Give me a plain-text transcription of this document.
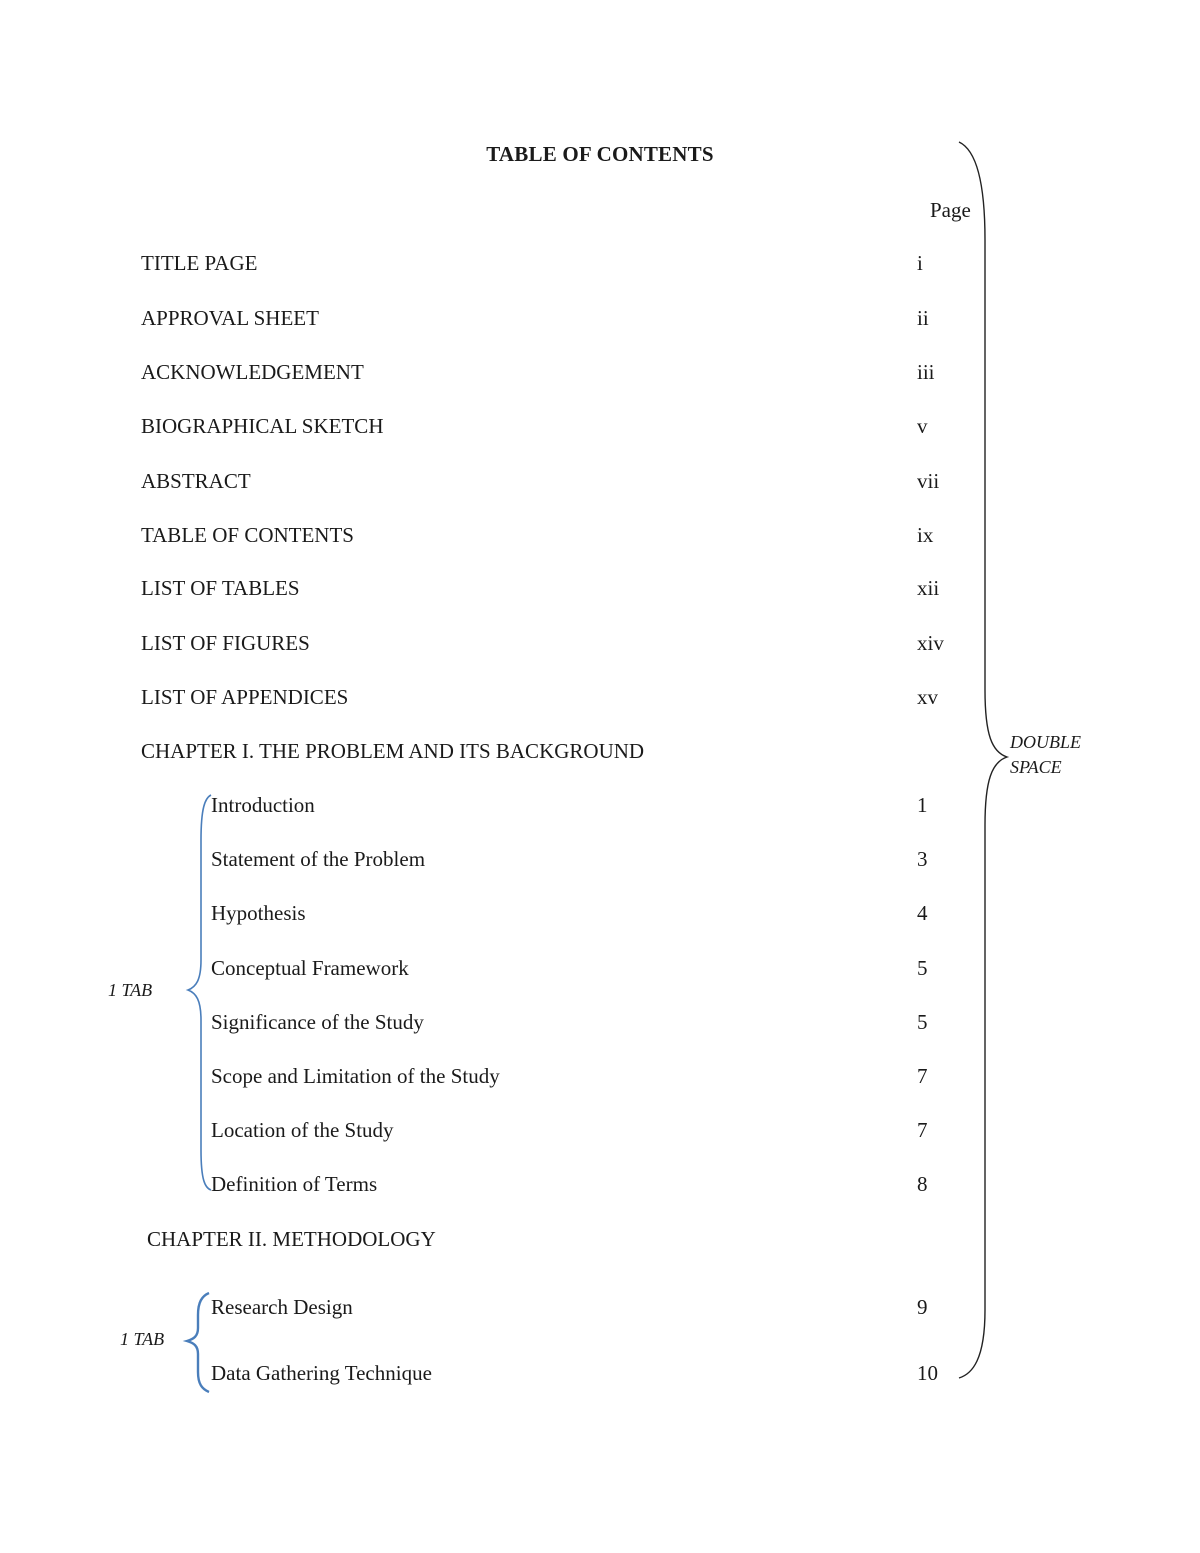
TABLE OF CONTENTS
Page
TITLE PAGE	i
APPROVAL SHEET	ii
ACKNOWLEDGEMENT	iii
BIOGRAPHICAL SKETCH	v
ABSTRACT	vii
TABLE OF CONTENTS	ix
LIST OF TABLES	xii
LIST OF FIGURES	xiv
LIST OF APPENDICES	xv
CHAPTER I. THE PROBLEM AND ITS BACKGROUND
Introduction	1
Statement of the Problem	3
Hypothesis	4
Conceptual Framework	5
Significance of the Study	5
Scope and Limitation of the Study	7
Location of the Study	7
Definition of Terms	8
CHAPTER II. METHODOLOGY
Research Design	9
Data Gathering Technique	10
DOUBLE
SPACE
1 TAB
1 TAB
